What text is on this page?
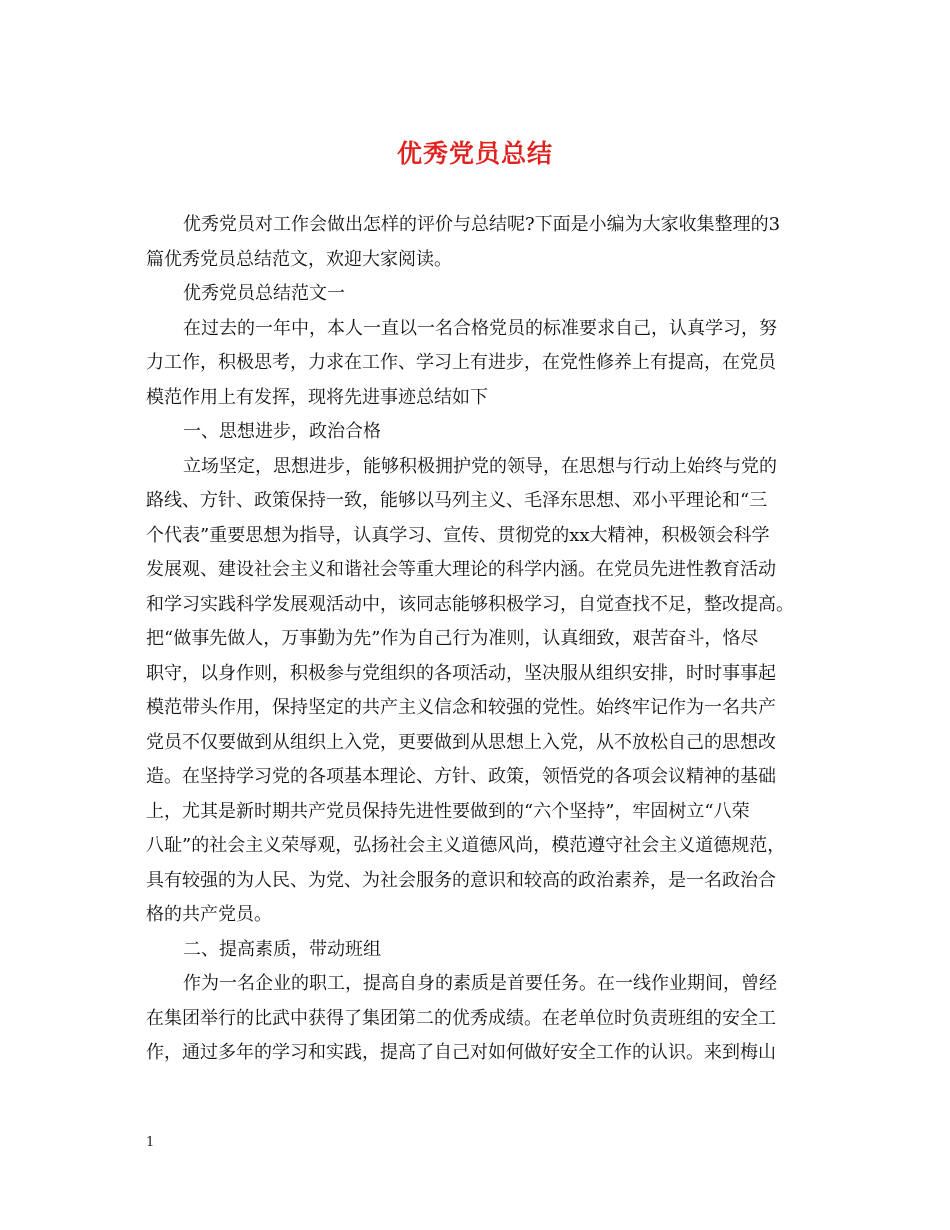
优秀党员总结
优秀党员对工作会做出怎样的评价与总结呢?下面是小编为大家收集整理的3
篇优秀党员总结范文，欢迎大家阅读。
优秀党员总结范文一
在过去的一年中，本人一直以一名合格党员的标准要求自己，认真学习，努
力工作，积极思考，力求在工作、学习上有进步，在党性修养上有提高，在党员
模范作用上有发挥，现将先进事迹总结如下
一、思想进步，政治合格
立场坚定，思想进步，能够积极拥护党的领导，在思想与行动上始终与党的
路线、方针、政策保持一致，能够以马列主义、毛泽东思想、邓小平理论和“三
个代表”重要思想为指导，认真学习、宣传、贯彻党的xx大精神，积极领会科学
发展观、建设社会主义和谐社会等重大理论的科学内涵。在党员先进性教育活动
和学习实践科学发展观活动中，该同志能够积极学习，自觉查找不足，整改提高。
把“做事先做人，万事勤为先”作为自己行为准则，认真细致，艰苦奋斗，恪尽
职守，以身作则，积极参与党组织的各项活动，坚决服从组织安排，时时事事起
模范带头作用，保持坚定的共产主义信念和较强的党性。始终牢记作为一名共产
党员不仅要做到从组织上入党，更要做到从思想上入党，从不放松自己的思想改
造。在坚持学习党的各项基本理论、方针、政策，领悟党的各项会议精神的基础
上，尤其是新时期共产党员保持先进性要做到的“六个坚持”，牢固树立“八荣
八耻”的社会主义荣辱观，弘扬社会主义道德风尚，模范遵守社会主义道德规范，
具有较强的为人民、为党、为社会服务的意识和较高的政治素养，是一名政治合
格的共产党员。
二、提高素质，带动班组
作为一名企业的职工，提高自身的素质是首要任务。在一线作业期间，曾经
在集团举行的比武中获得了集团第二的优秀成绩。在老单位时负责班组的安全工
作，通过多年的学习和实践，提高了自己对如何做好安全工作的认识。来到梅山
1
